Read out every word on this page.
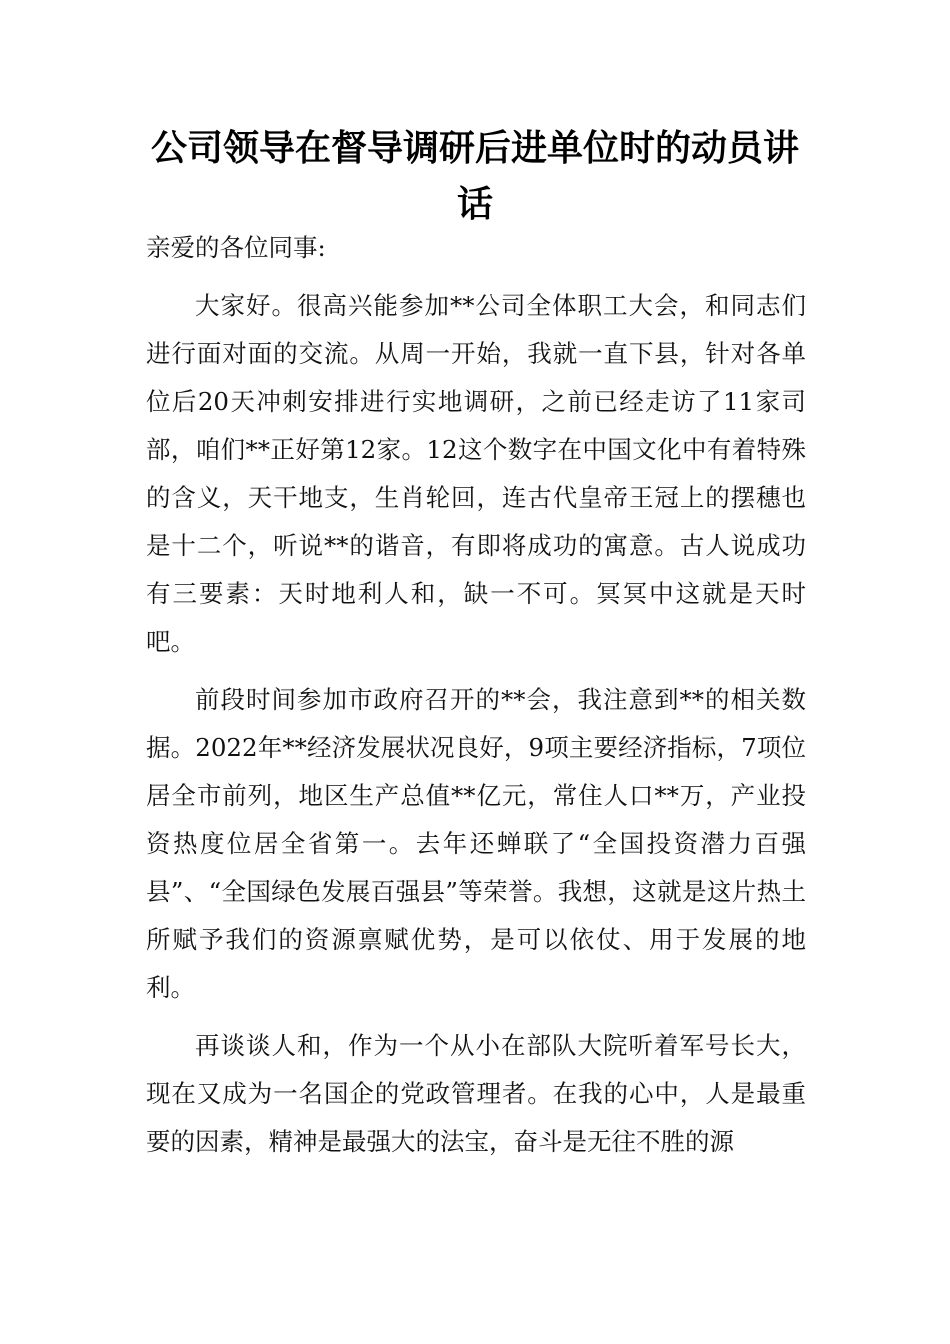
公司领导在督导调研后进单位时的动员讲话

亲爱的各位同事:

大家好。很高兴能参加**公司全体职工大会，和同志们进行面对面的交流。从周一开始，我就一直下县，针对各单位后20天冲刺安排进行实地调研，之前已经走访了11家司部，咱们**正好第12家。12这个数字在中国文化中有着特殊的含义，天干地支，生肖轮回，连古代皇帝王冠上的摆穗也是十二个，听说**的谐音，有即将成功的寓意。古人说成功有三要素：天时地利人和，缺一不可。冥冥中这就是天时吧。

前段时间参加市政府召开的**会，我注意到**的相关数据。2022年**经济发展状况良好，9项主要经济指标，7项位居全市前列，地区生产总值**亿元，常住人口**万，产业投资热度位居全省第一。去年还蝉联了“全国投资潜力百强县”、“全国绿色发展百强县”等荣誉。我想，这就是这片热土所赋予我们的资源禀赋优势，是可以依仗、用于发展的地利。

再谈谈人和，作为一个从小在部队大院听着军号长大，现在又成为一名国企的党政管理者。在我的心中，人是最重要的因素，精神是最强大的法宝，奋斗是无往不胜的源
